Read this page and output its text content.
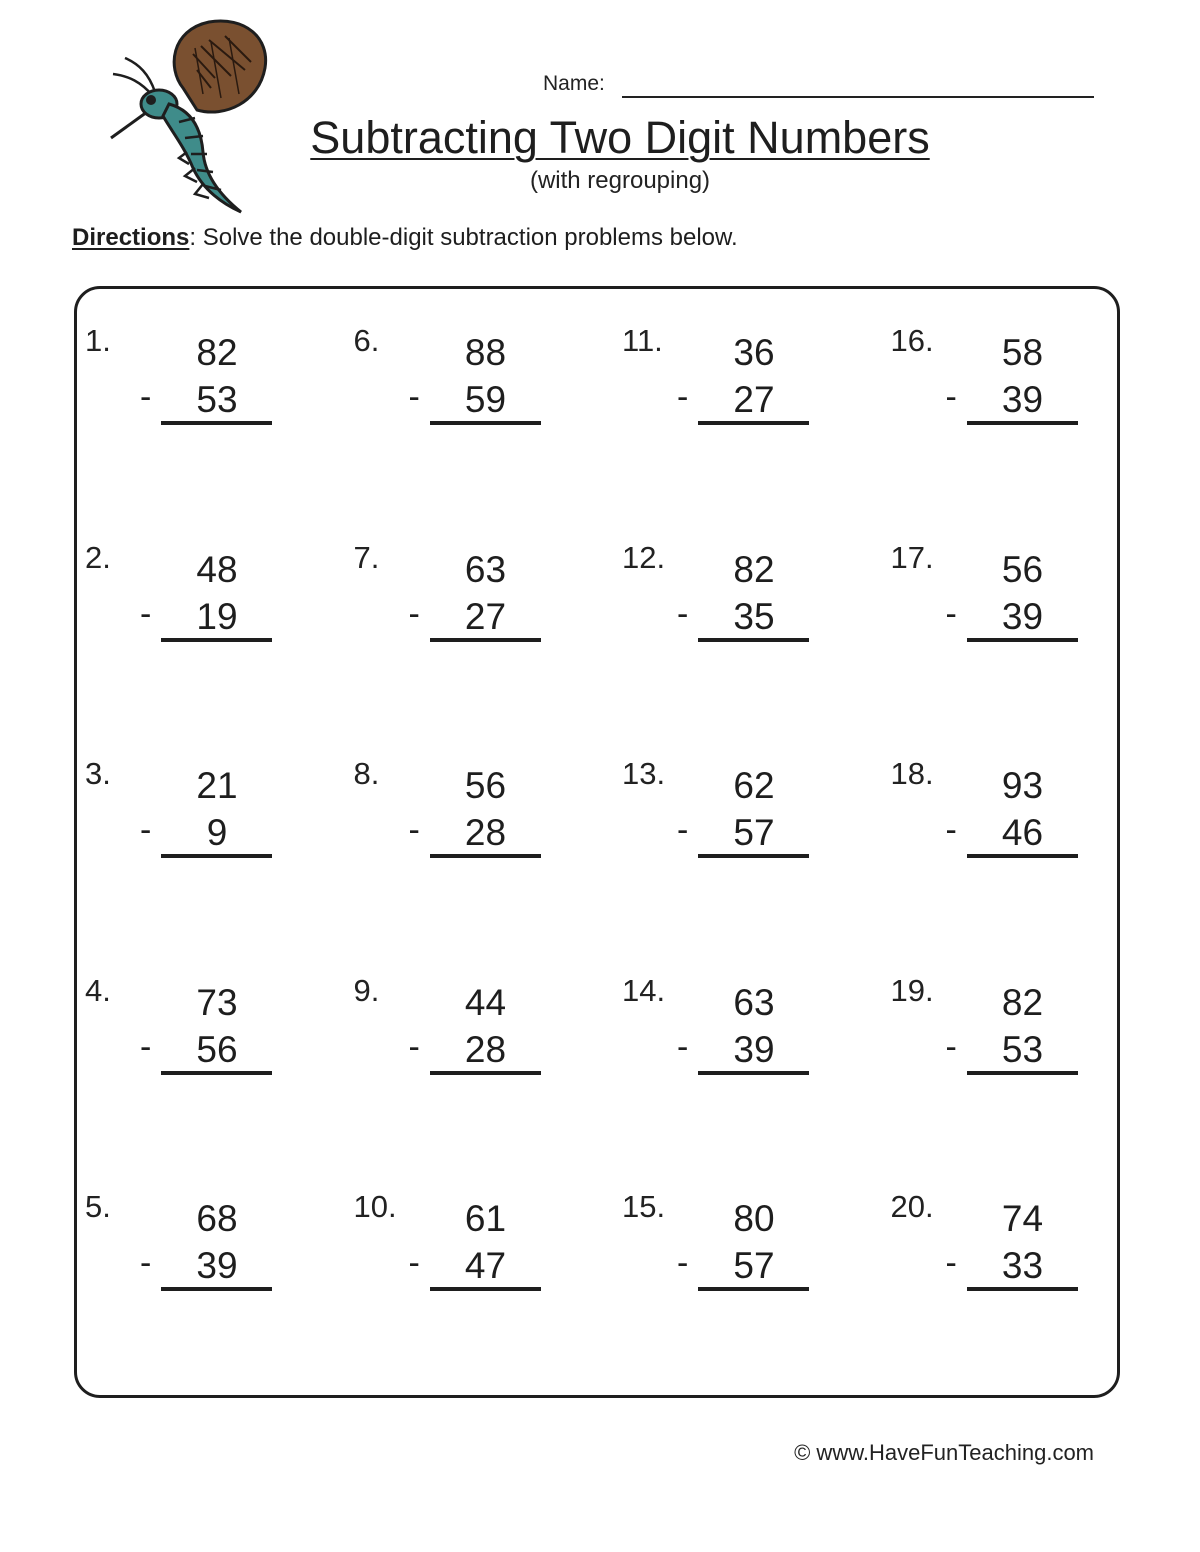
Name:
Subtracting Two Digit Numbers
(with regrouping)
Directions: Solve the double-digit subtraction problems below.
1.	82
-	53
6.	88
-	59
11.	36
-	27
16.	58
-	39
2.	48
-	19
7.	63
-	27
12.	82
-	35
17.	56
-	39
3.	21
-	9
8.	56
-	28
13.	62
-	57
18.	93
-	46
4.	73
-	56
9.	44
-	28
14.	63
-	39
19.	82
-	53
5.	68
-	39
10.	61
-	47
15.	80
-	57
20.	74
-	33
© www.HaveFunTeaching.com
